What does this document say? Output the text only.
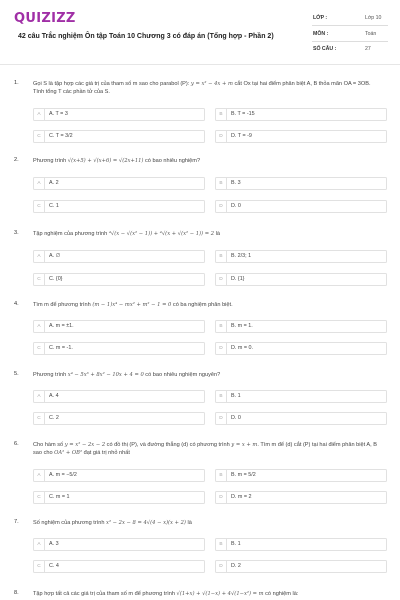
QUIZIZZ
42 câu Trắc nghiệm Ôn tập Toán 10 Chương 3 có đáp án (Tổng hợp - Phần 2)
LỚP :	Lớp 10
MÔN :	Toán
SỐ CÂU :	27
1.	Gọi S là tập hợp các giá trị của tham số m sao cho parabol (P): y = x² − 4x + m cắt Ox tại hai điểm phân biệt A, B thỏa mãn OA = 3OB. Tính tổng T các phần tử của S.
A	A. T = 3	B	B. T = -15
C	C. T = 3/2	D	D. T = -9
2.	Phương trình √(x+5) + √(x+6) = √(2x+11) có bao nhiêu nghiệm?
A	A. 2	B	B. 3
C	C. 1	D	D. 0
3.	Tập nghiệm của phương trình ⁴√(x − √(x² − 1)) + ⁴√(x + √(x² − 1)) = 2 là
A	A. ∅	B	B. 2/3; 1
C	C. {0}	D	D. {1}
4.	Tìm m để phương trình (m − 1)x⁴ − mx² + m² − 1 = 0 có ba nghiệm phân biệt.
A	A. m = ±1.	B	B. m = 1.
C	C. m = -1.	D	D. m = 0.
5.	Phương trình x⁴ − 5x³ + 8x² − 10x + 4 = 0 có bao nhiêu nghiệm nguyên?
A	A. 4	B	B. 1
C	C. 2	D	D. 0
6.	Cho hàm số y = x² − 2x − 2 có đồ thị (P), và đường thẳng (d) có phương trình y = x + m. Tìm m để (d) cắt (P) tại hai điểm phân biệt A, B sao cho OA² + OB² đạt giá trị nhỏ nhất
A	A. m = −5/2	B	B. m = 5/2
C	C. m = 1	D	D. m = 2
7.	Số nghiệm của phương trình x² − 2x − 8 = 4√(4 − x)(x + 2) là
A	A. 3	B	B. 1
C	C. 4	D	D. 2
8.	Tập hợp tất cả các giá trị của tham số m để phương trình √(1+x) + √(1−x) + 4√(1−x²) = m có nghiệm là:
